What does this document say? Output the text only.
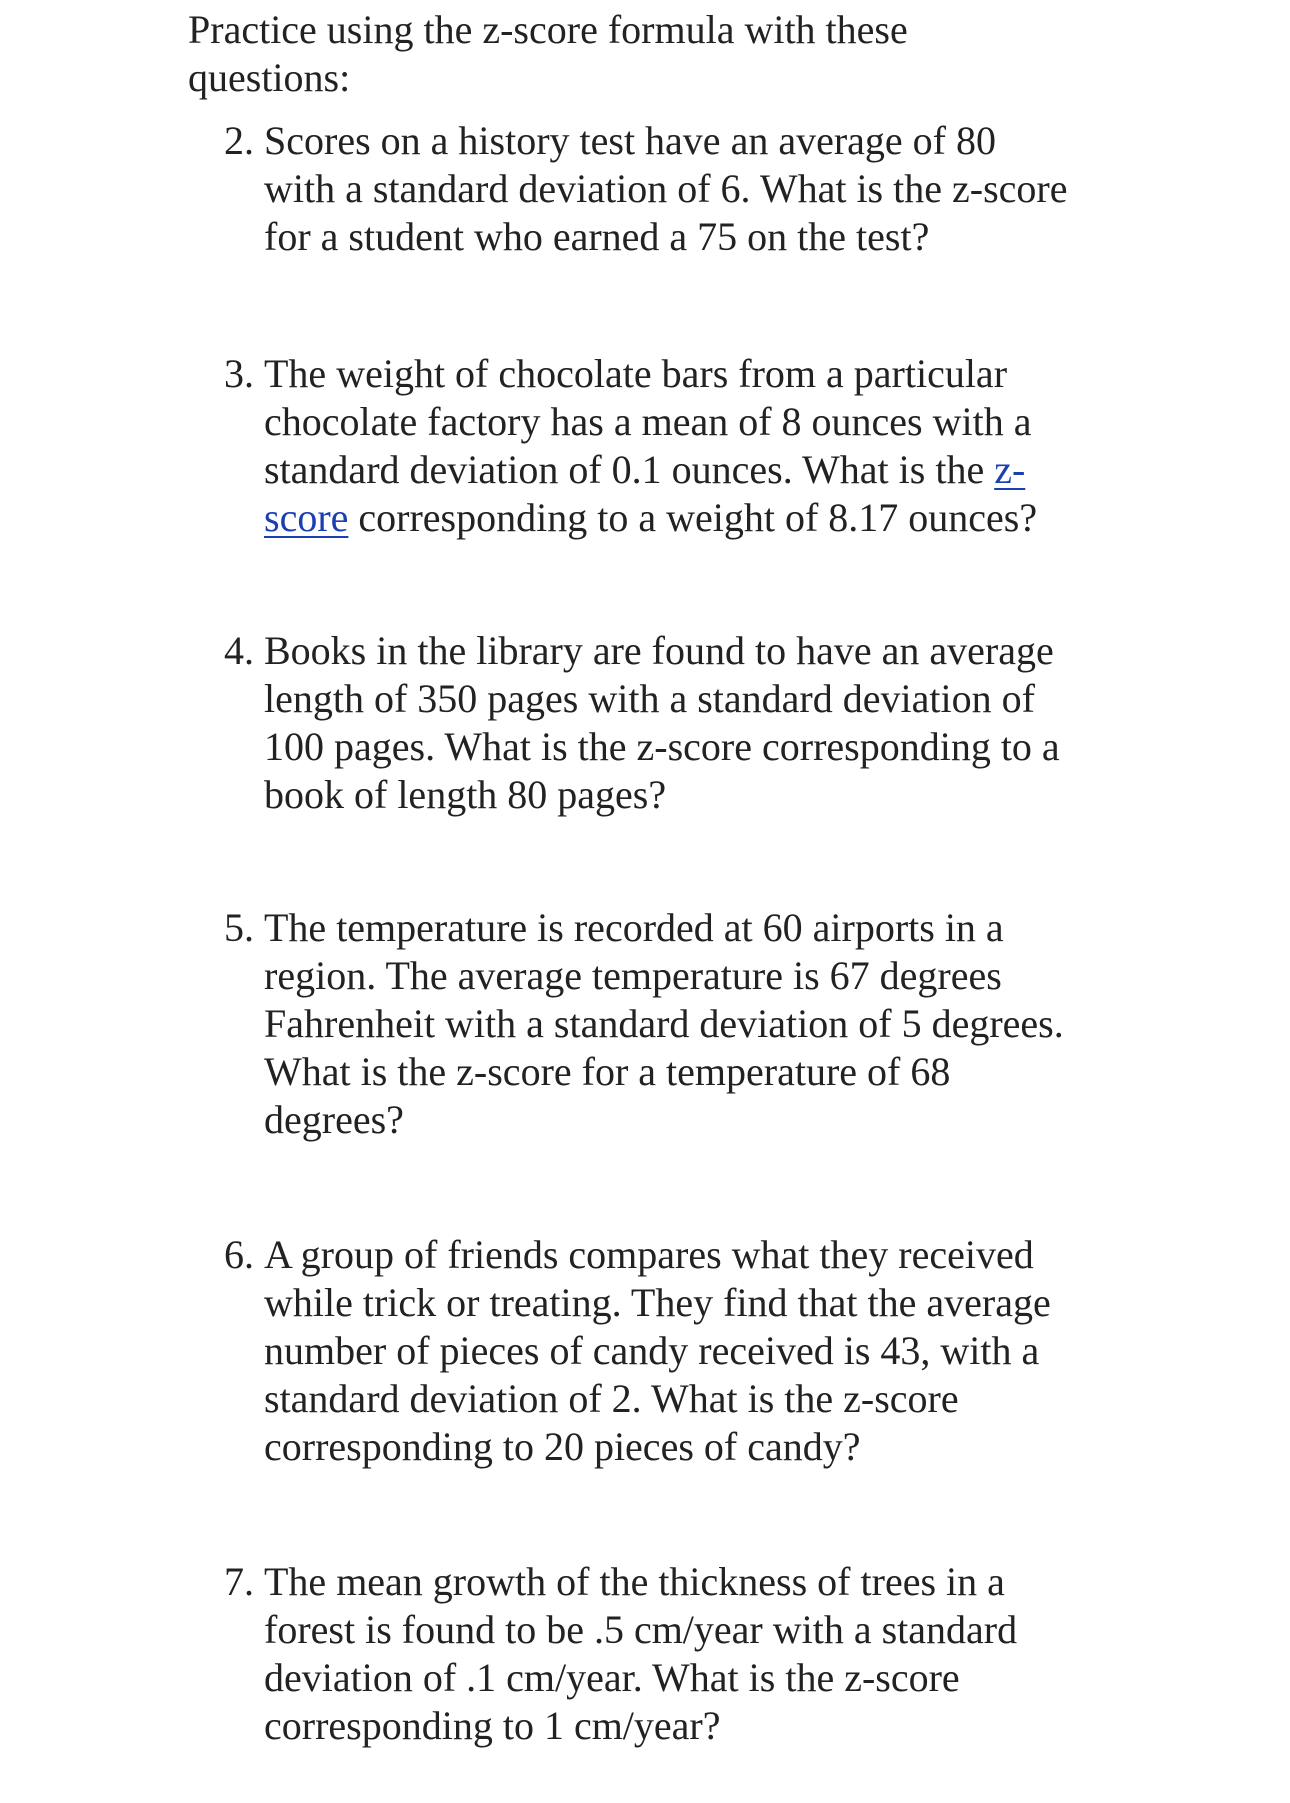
Practice using the z-score formula with these
questions:

2. Scores on a history test have an average of 80
with a standard deviation of 6. What is the z-score
for a student who earned a 75 on the test?
3. The weight of chocolate bars from a particular
chocolate factory has a mean of 8 ounces with a
standard deviation of 0.1 ounces. What is the z-
score corresponding to a weight of 8.17 ounces?
4. Books in the library are found to have an average
length of 350 pages with a standard deviation of
100 pages. What is the z-score corresponding to a
book of length 80 pages?
5. The temperature is recorded at 60 airports in a
region. The average temperature is 67 degrees
Fahrenheit with a standard deviation of 5 degrees.
What is the z-score for a temperature of 68
degrees?
6. A group of friends compares what they received
while trick or treating. They find that the average
number of pieces of candy received is 43, with a
standard deviation of 2. What is the z-score
corresponding to 20 pieces of candy?
7. The mean growth of the thickness of trees in a
forest is found to be .5 cm/year with a standard
deviation of .1 cm/year. What is the z-score
corresponding to 1 cm/year?
